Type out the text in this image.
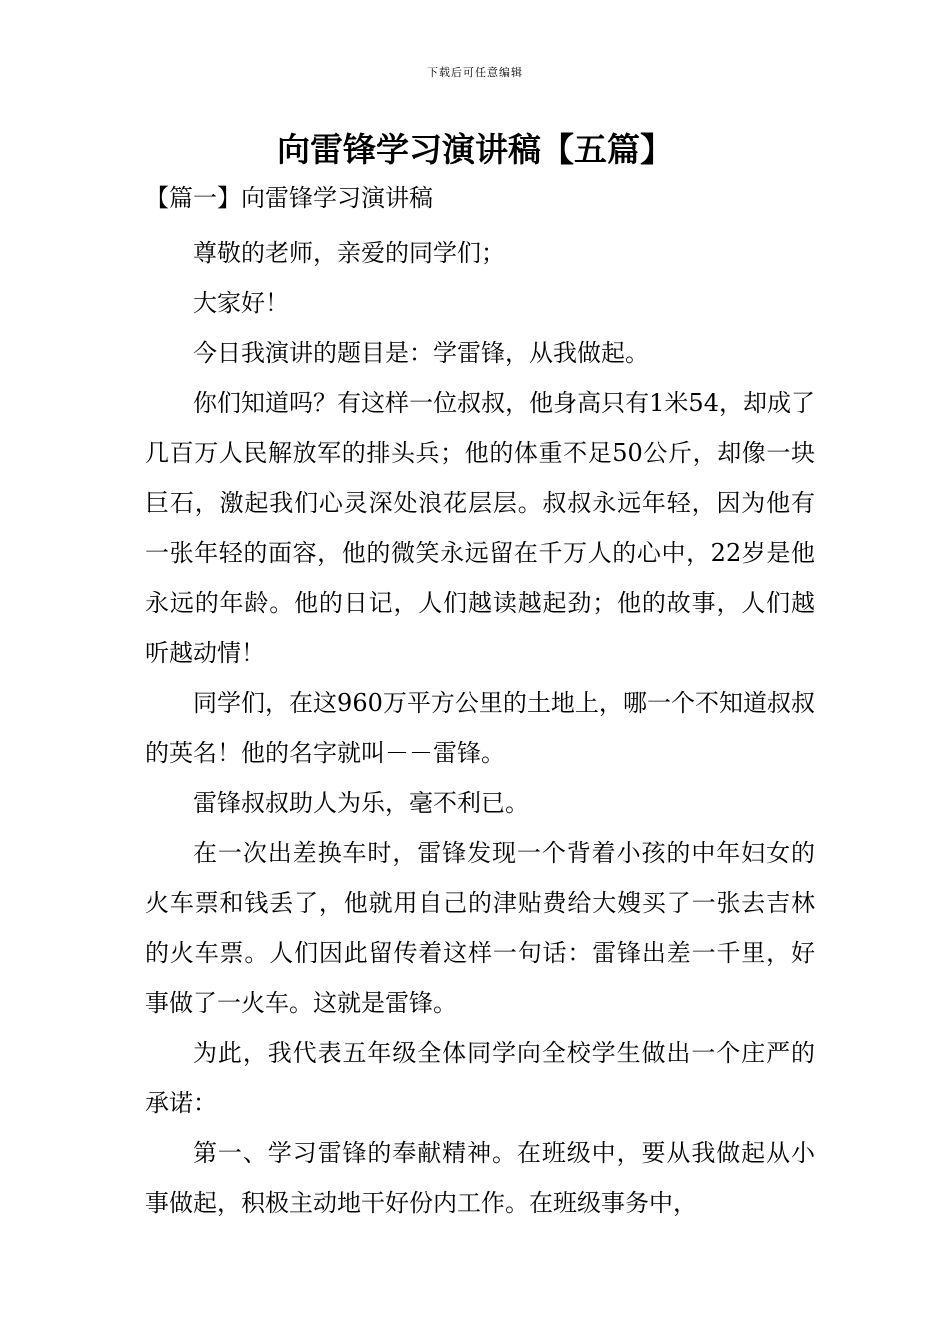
下载后可任意编辑
向雷锋学习演讲稿【五篇】
【篇一】向雷锋学习演讲稿

尊敬的老师，亲爱的同学们；

大家好！

今日我演讲的题目是：学雷锋，从我做起。

你们知道吗？有这样一位叔叔，他身高只有1米54，却成了几百万人民解放军的排头兵；他的体重不足50公斤，却像一块巨石，激起我们心灵深处浪花层层。叔叔永远年轻，因为他有一张年轻的面容，他的微笑永远留在千万人的心中，22岁是他永远的年龄。他的日记，人们越读越起劲；他的故事，人们越听越动情！

同学们，在这960万平方公里的土地上，哪一个不知道叔叔的英名！他的名字就叫－－雷锋。

雷锋叔叔助人为乐，毫不利已。

在一次出差换车时，雷锋发现一个背着小孩的中年妇女的火车票和钱丢了，他就用自己的津贴费给大嫂买了一张去吉林的火车票。人们因此留传着这样一句话：雷锋出差一千里，好事做了一火车。这就是雷锋。

为此，我代表五年级全体同学向全校学生做出一个庄严的承诺：

第一、学习雷锋的奉献精神。在班级中，要从我做起从小事做起，积极主动地干好份内工作。在班级事务中，
